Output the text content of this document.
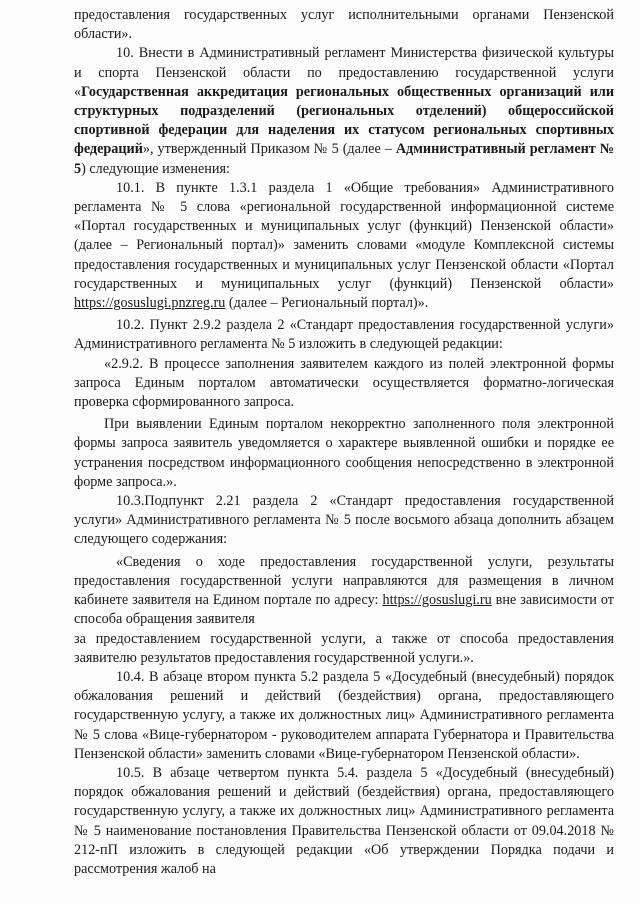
предоставления государственных услуг исполнительными органами Пензенской области».

10. Внести в Административный регламент Министерства физической культуры и спорта Пензенской области по предоставлению государственной услуги «Государственная аккредитация региональных общественных организаций или структурных подразделений (региональных отделений) общероссийской спортивной федерации для наделения их статусом региональных спортивных федераций», утвержденный Приказом № 5 (далее – Административный регламент № 5) следующие изменения:

10.1. В пункте 1.3.1 раздела 1 «Общие требования» Административного регламента № 5 слова «региональной государственной информационной системе «Портал государственных и муниципальных услуг (функций) Пензенской области» (далее – Региональный портал)» заменить словами «модуле Комплексной системы предоставления государственных и муниципальных услуг Пензенской области «Портал государственных и муниципальных услуг (функций) Пензенской области» https://gosuslugi.pnzreg.ru (далее – Региональный портал)».

10.2. Пункт 2.9.2 раздела 2 «Стандарт предоставления государственной услуги» Административного регламента № 5 изложить в следующей редакции:

«2.9.2. В процессе заполнения заявителем каждого из полей электронной формы запроса Единым порталом автоматически осуществляется форматно-логическая проверка сформированного запроса.

При выявлении Единым порталом некорректно заполненного поля электронной формы запроса заявитель уведомляется о характере выявленной ошибки и порядке ее устранения посредством информационного сообщения непосредственно в электронной форме запроса.».

10.3.Подпункт 2.21 раздела 2 «Стандарт предоставления государственной услуги» Административного регламента № 5 после восьмого абзаца дополнить абзацем следующего содержания:

«Сведения о ходе предоставления государственной услуги, результаты предоставления государственной услуги направляются для размещения в личном кабинете заявителя на Едином портале по адресу: https://gosuslugi.ru вне зависимости от способа обращения заявителя

за предоставлением государственной услуги, а также от способа предоставления заявителю результатов предоставления государственной услуги.».

10.4. В абзаце втором пункта 5.2 раздела 5 «Досудебный (внесудебный) порядок обжалования решений и действий (бездействия) органа, предоставляющего государственную услугу, а также их должностных лиц» Административного регламента № 5 слова «Вице-губернатором - руководителем аппарата Губернатора и Правительства Пензенской области» заменить словами «Вице-губернатором Пензенской области».

10.5. В абзаце четвертом пункта 5.4. раздела 5 «Досудебный (внесудебный) порядок обжалования решений и действий (бездействия) органа, предоставляющего государственную услугу, а также их должностных лиц» Административного регламента № 5 наименование постановления Правительства Пензенской области от 09.04.2018 № 212-пП изложить в следующей редакции «Об утверждении Порядка подачи и рассмотрения жалоб на
